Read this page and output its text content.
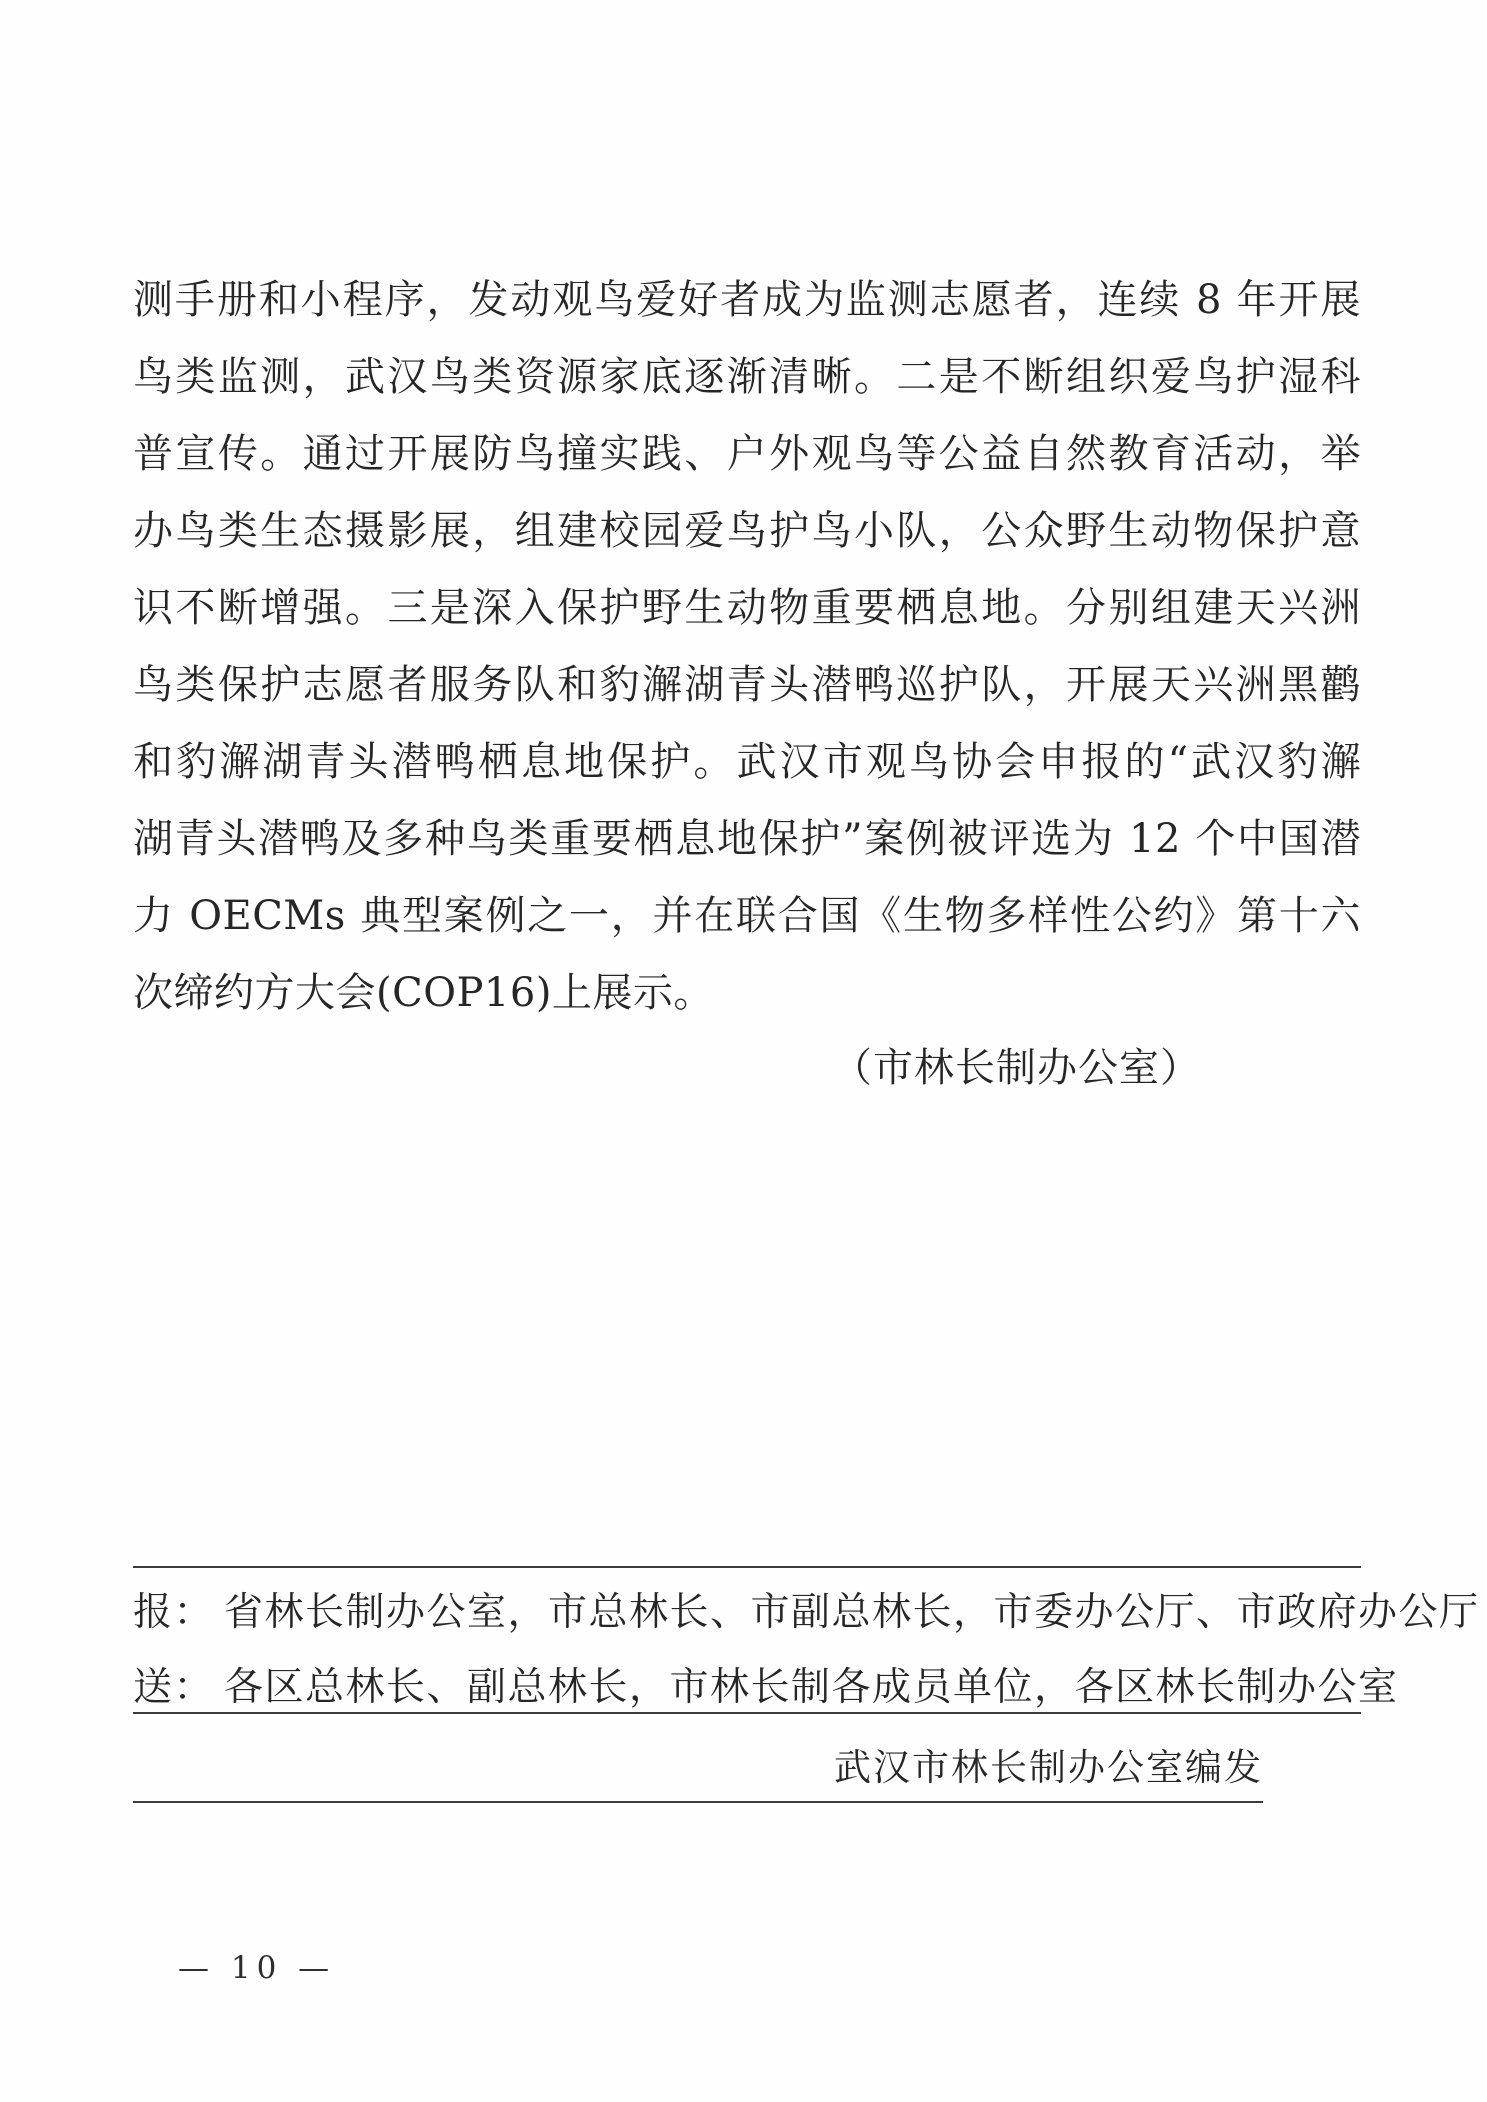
测手册和小程序，发动观鸟爱好者成为监测志愿者，连续 8 年开展
鸟类监测，武汉鸟类资源家底逐渐清晰。二是不断组织爱鸟护湿科
普宣传。通过开展防鸟撞实践、户外观鸟等公益自然教育活动，举
办鸟类生态摄影展，组建校园爱鸟护鸟小队，公众野生动物保护意
识不断增强。三是深入保护野生动物重要栖息地。分别组建天兴洲
鸟类保护志愿者服务队和豹澥湖青头潜鸭巡护队，开展天兴洲黑鹳
和豹澥湖青头潜鸭栖息地保护。武汉市观鸟协会申报的“武汉豹澥
湖青头潜鸭及多种鸟类重要栖息地保护”案例被评选为 12 个中国潜
力 OECMs 典型案例之一，并在联合国《生物多样性公约》第十六
次缔约方大会(COP16)上展示。
（市林长制办公室）
报： 省林长制办公室，市总林长、市副总林长，市委办公厅、市政府办公厅
送： 各区总林长、副总林长，市林长制各成员单位，各区林长制办公室
武汉市林长制办公室编发
— 10 —
